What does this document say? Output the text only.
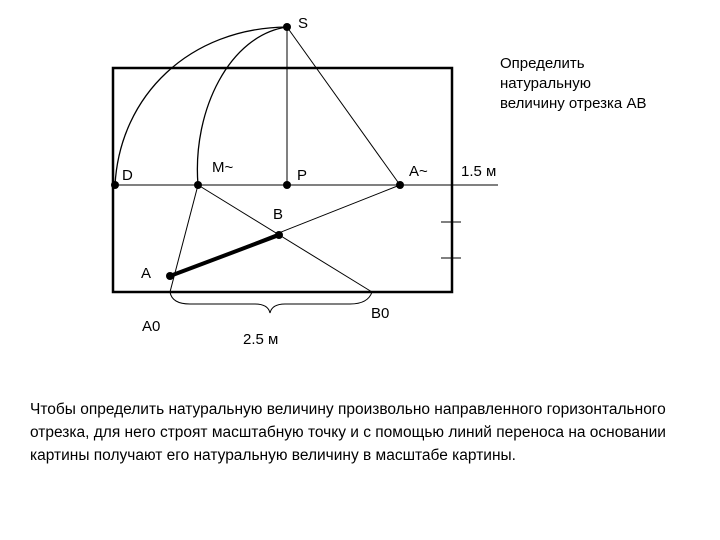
S
D	M~	P	A~
B
A
A0
B0
1.5 м
2.5 м
Определить
натуральную
величину отрезка АВ
Чтобы определить натуральную величину произвольно направленного горизонтального отрезка, для него строят масштабную точку и с помощью линий переноса на основании картины получают его натуральную величину в масштабе картины.
